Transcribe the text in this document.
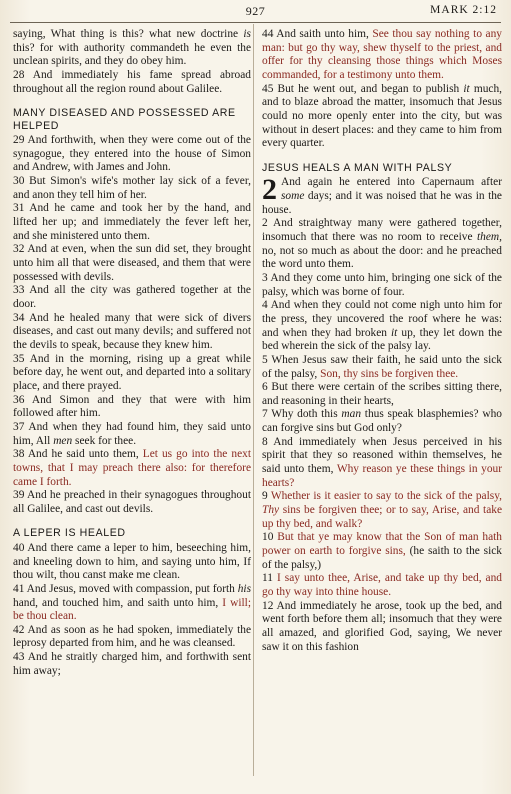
927	MARK 2:12

saying, What thing is this? what new doctrine is this? for with authority commandeth he even the unclean spirits, and they do obey him.

28 And immediately his fame spread abroad throughout all the region round about Galilee.

MANY DISEASED AND POSSESSED ARE HELPED

29 And forthwith, when they were come out of the synagogue, they entered into the house of Simon and Andrew, with James and John.

30 But Simon's wife's mother lay sick of a fever, and anon they tell him of her.

31 And he came and took her by the hand, and lifted her up; and immediately the fever left her, and she ministered unto them.

32 And at even, when the sun did set, they brought unto him all that were diseased, and them that were possessed with devils.

33 And all the city was gathered together at the door.

34 And he healed many that were sick of divers diseases, and cast out many devils; and suffered not the devils to speak, because they knew him.

35 And in the morning, rising up a great while before day, he went out, and departed into a solitary place, and there prayed.

36 And Simon and they that were with him followed after him.

37 And when they had found him, they said unto him, All men seek for thee.

38 And he said unto them, Let us go into the next towns, that I may preach there also: for therefore came I forth.

39 And he preached in their synagogues throughout all Galilee, and cast out devils.

A LEPER IS HEALED

40 And there came a leper to him, beseeching him, and kneeling down to him, and saying unto him, If thou wilt, thou canst make me clean.

41 And Jesus, moved with compassion, put forth his hand, and touched him, and saith unto him, I will; be thou clean.

42 And as soon as he had spoken, immediately the leprosy departed from him, and he was cleansed.

43 And he straitly charged him, and forthwith sent him away;

44 And saith unto him, See thou say nothing to any man: but go thy way, shew thyself to the priest, and offer for thy cleansing those things which Moses commanded, for a testimony unto them.

45 But he went out, and began to publish it much, and to blaze abroad the matter, insomuch that Jesus could no more openly enter into the city, but was without in desert places: and they came to him from every quarter.

JESUS HEALS A MAN WITH PALSY

2 And again he entered into Capernaum after some days; and it was noised that he was in the house.

2 And straightway many were gathered together, insomuch that there was no room to receive them, no, not so much as about the door: and he preached the word unto them.

3 And they come unto him, bringing one sick of the palsy, which was borne of four.

4 And when they could not come nigh unto him for the press, they uncovered the roof where he was: and when they had broken it up, they let down the bed wherein the sick of the palsy lay.

5 When Jesus saw their faith, he said unto the sick of the palsy, Son, thy sins be forgiven thee.

6 But there were certain of the scribes sitting there, and reasoning in their hearts,

7 Why doth this man thus speak blasphemies? who can forgive sins but God only?

8 And immediately when Jesus perceived in his spirit that they so reasoned within themselves, he said unto them, Why reason ye these things in your hearts?

9 Whether is it easier to say to the sick of the palsy, Thy sins be forgiven thee; or to say, Arise, and take up thy bed, and walk?

10 But that ye may know that the Son of man hath power on earth to forgive sins, (he saith to the sick of the palsy,)

11 I say unto thee, Arise, and take up thy bed, and go thy way into thine house.

12 And immediately he arose, took up the bed, and went forth before them all; insomuch that they were all amazed, and glorified God, saying, We never saw it on this fashion
